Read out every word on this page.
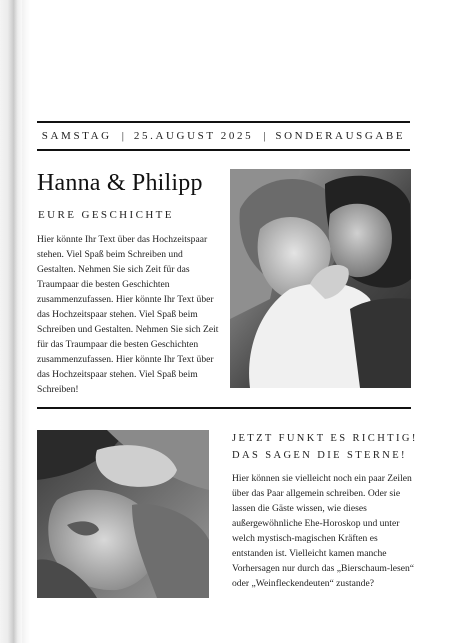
SAMSTAG | 25.AUGUST 2025 | SONDERAUSGABE
Hanna & Philipp
EURE GESCHICHTE

Hier könnte Ihr Text über das Hochzeitspaar stehen. Viel Spaß beim Schreiben und Gestalten. Nehmen Sie sich Zeit für das Traumpaar die besten Geschichten zusammenzufassen. Hier könnte Ihr Text über das Hochzeitspaar stehen. Viel Spaß beim Schreiben und Gestalten. Nehmen Sie sich Zeit für das Traumpaar die besten Geschichten zusammenzufassen. Hier könnte Ihr Text über das Hochzeitspaar stehen. Viel Spaß beim Schreiben!

JETZT FUNKT ES RICHTIG!
DAS SAGEN DIE STERNE!

Hier können sie vielleicht noch ein paar Zeilen über das Paar allgemein schreiben. Oder sie lassen die Gäste wissen, wie dieses außergewöhnliche Ehe-Horoskop und unter welch mystisch-magischen Kräften es entstanden ist. Vielleicht kamen manche Vorhersagen nur durch das „Bierschaum-lesen“ oder „Weinfleckendeuten“ zustande?
